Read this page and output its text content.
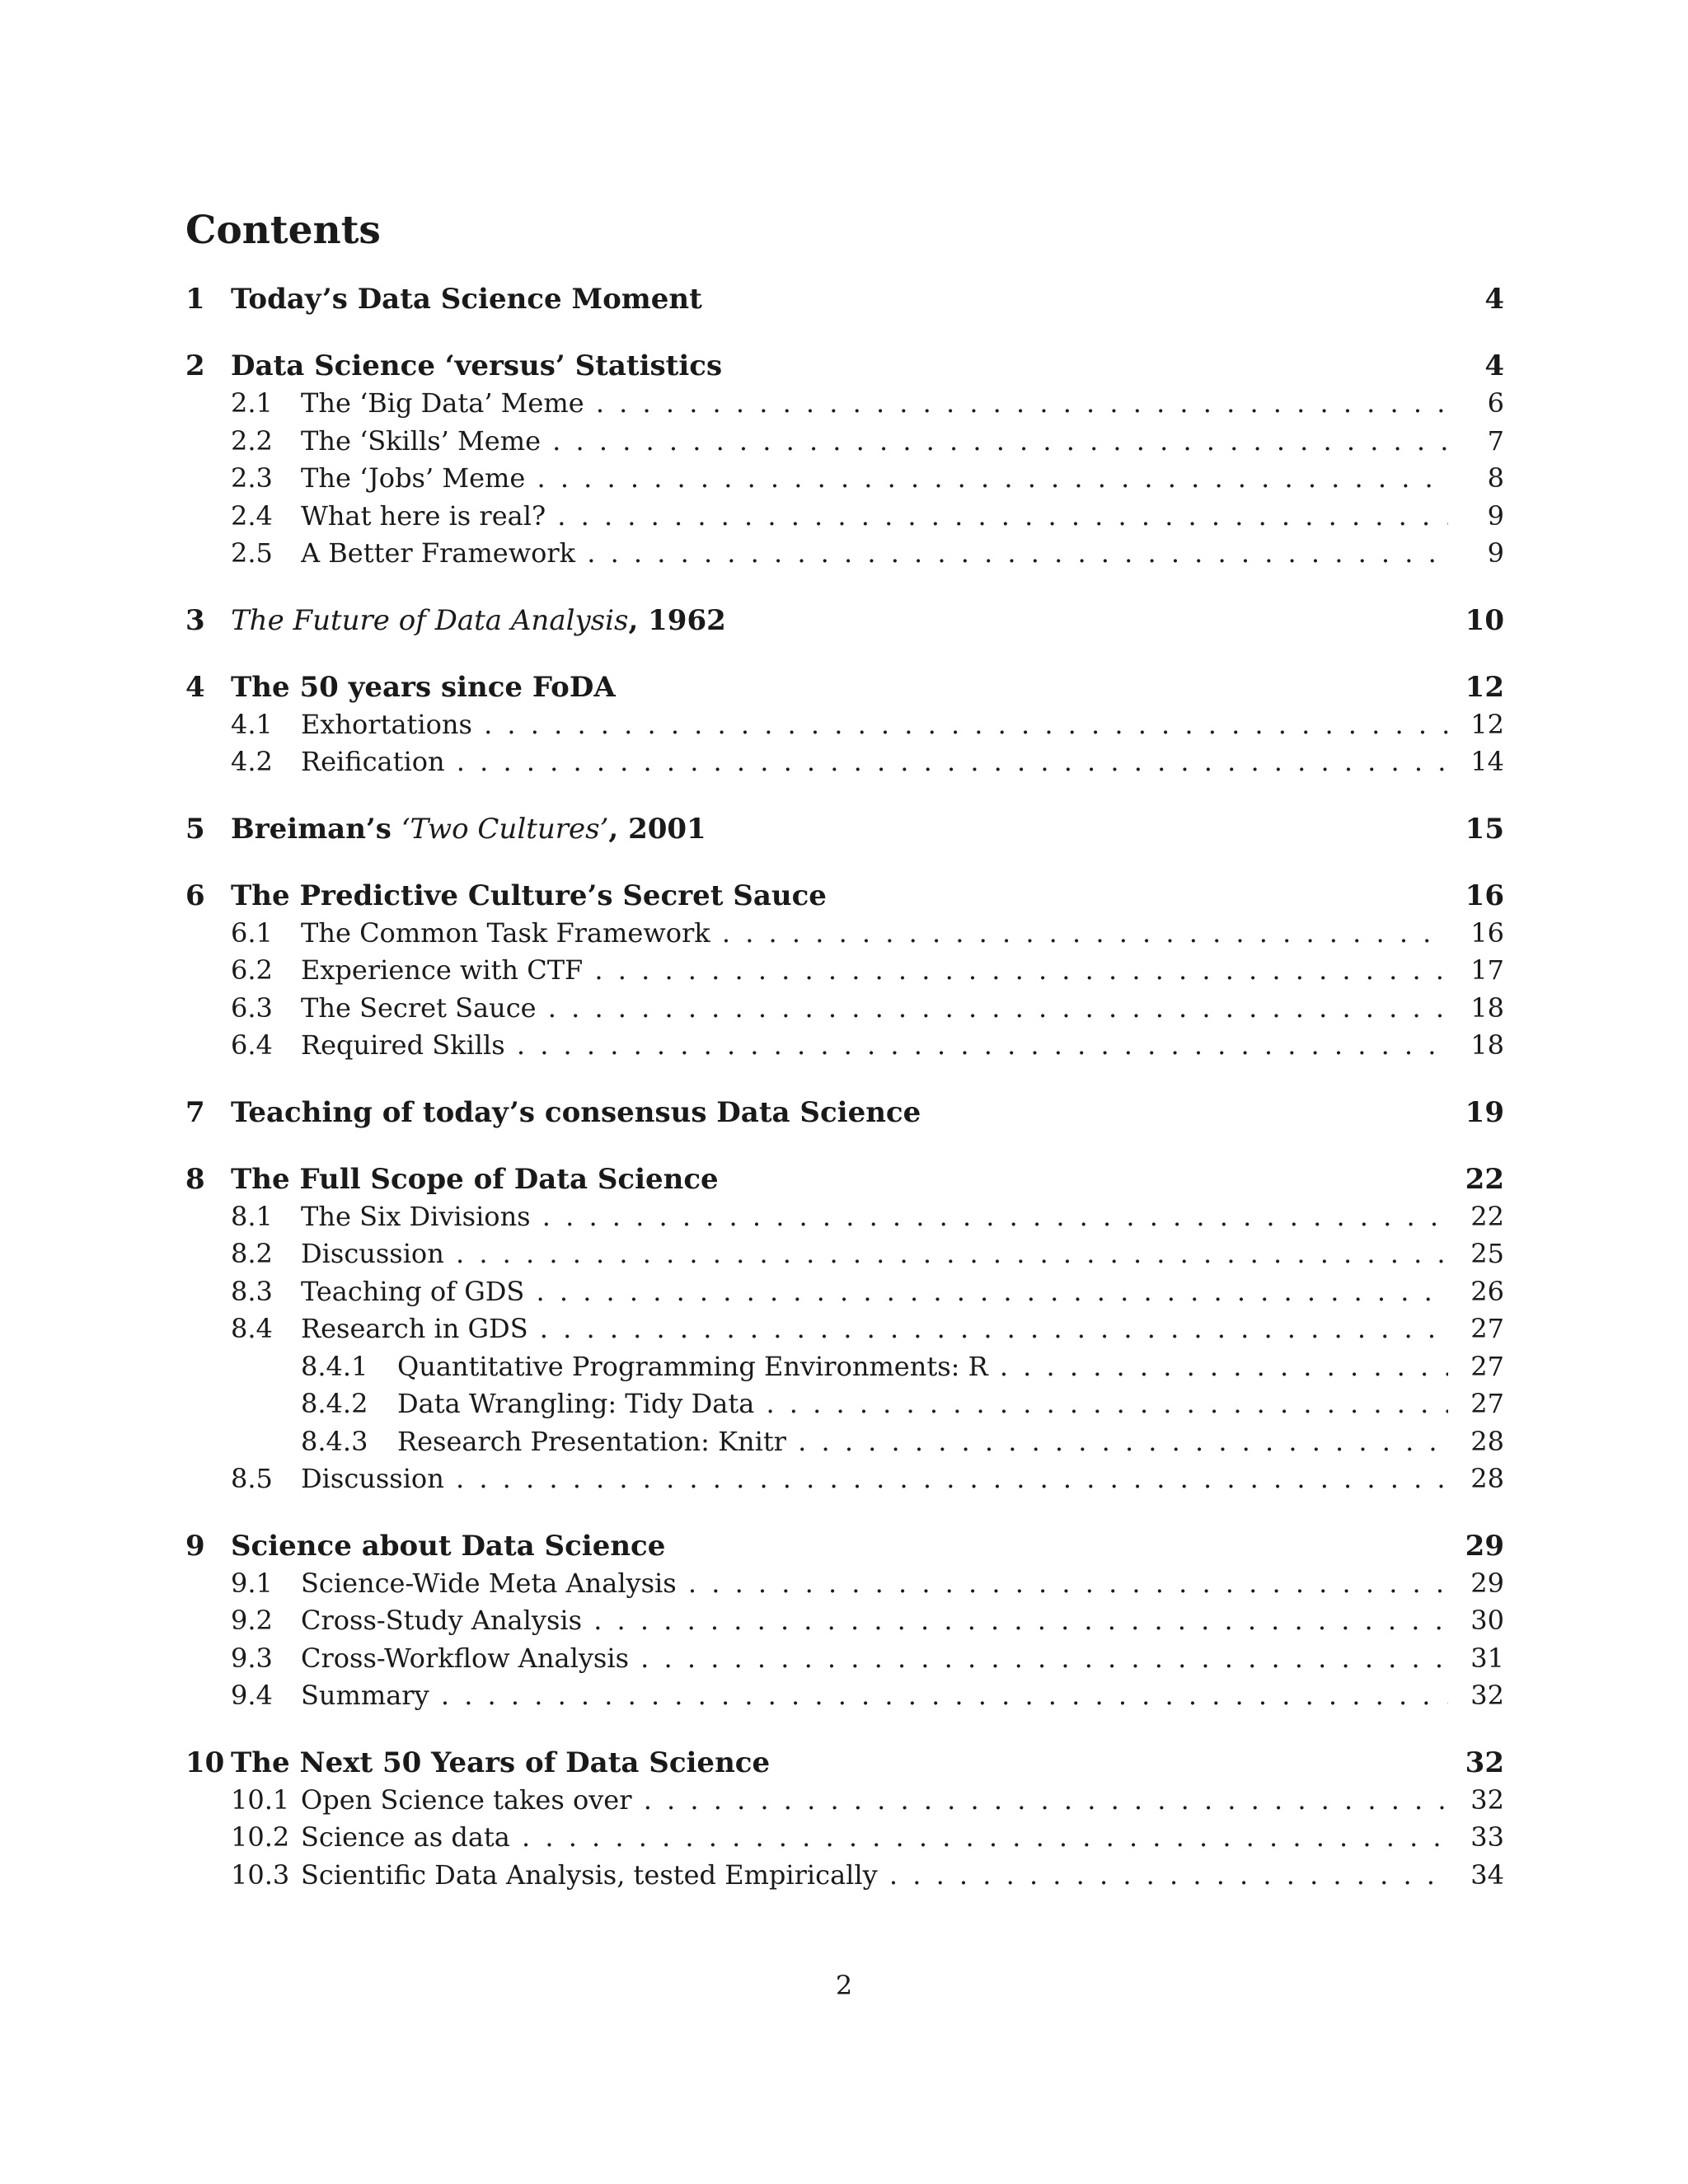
Contents
1 Today’s Data Science Moment	4
2 Data Science ‘versus’ Statistics	4
2.1 The ‘Big Data’ Meme . . .	6
2.2 The ‘Skills’ Meme . . .	7
2.3 The ‘Jobs’ Meme . . .	8
2.4 What here is real? . . .	9
2.5 A Better Framework . . .	9
3 The Future of Data Analysis, 1962	10
4 The 50 years since FoDA	12
4.1 Exhortations . . .	12
4.2 Reification . . .	14
5 Breiman’s ‘Two Cultures’, 2001	15
6 The Predictive Culture’s Secret Sauce	16
6.1 The Common Task Framework . . .	16
6.2 Experience with CTF . . .	17
6.3 The Secret Sauce . . .	18
6.4 Required Skills . . .	18
7 Teaching of today’s consensus Data Science	19
8 The Full Scope of Data Science	22
8.1 The Six Divisions . . .	22
8.2 Discussion . . .	25
8.3 Teaching of GDS . . .	26
8.4 Research in GDS . . .	27
8.4.1 Quantitative Programming Environments: R . . .	27
8.4.2 Data Wrangling: Tidy Data . . .	27
8.4.3 Research Presentation: Knitr . . .	28
8.5 Discussion . . .	28
9 Science about Data Science	29
9.1 Science-Wide Meta Analysis . . .	29
9.2 Cross-Study Analysis . . .	30
9.3 Cross-Workflow Analysis . . .	31
9.4 Summary . . .	32
10 The Next 50 Years of Data Science	32
10.1 Open Science takes over . . .	32
10.2 Science as data . . .	33
10.3 Scientific Data Analysis, tested Empirically . . .	34
2
